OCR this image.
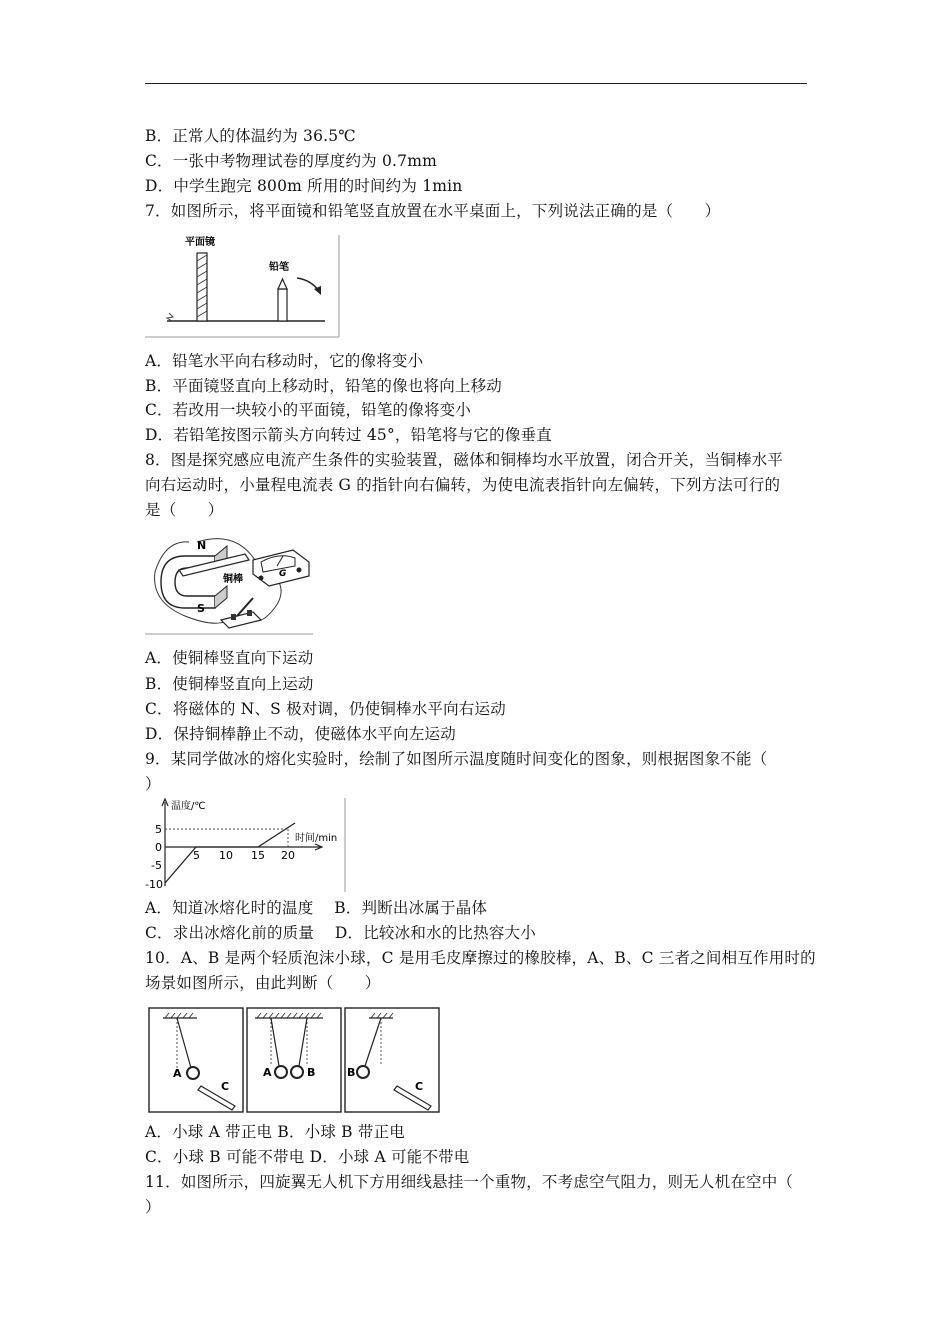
B．正常人的体温约为 36.5℃
C．一张中考物理试卷的厚度约为 0.7mm
D．中学生跑完 800m 所用的时间约为 1min
7．如图所示，将平面镜和铅笔竖直放置在水平桌面上，下列说法正确的是（　　）
平面镜
铅笔
A．铅笔水平向右移动时，它的像将变小
B．平面镜竖直向上移动时，铅笔的像也将向上移动
C．若改用一块较小的平面镜，铅笔的像将变小
D．若铅笔按图示箭头方向转过 45°，铅笔将与它的像垂直
8．图是探究感应电流产生条件的实验装置，磁体和铜棒均水平放置，闭合开关，当铜棒水平
向右运动时，小量程电流表 G 的指针向右偏转，为使电流表指针向左偏转，下列方法可行的
是（　　）
N
S
铜棒	G
A．使铜棒竖直向下运动
B．使铜棒竖直向上运动
C．将磁体的 N、S 极对调，仍使铜棒水平向右运动
D．保持铜棒静止不动，使磁体水平向左运动
9．某同学做冰的熔化实验时，绘制了如图所示温度随时间变化的图象，则根据图象不能（
）
温度/℃
时间/min
5
0
-5
-10
5 10 15 20
A．知道冰熔化时的温度　 B．判断出冰属于晶体
C．求出冰熔化前的质量　 D．比较冰和水的比热容大小
10．A、B 是两个轻质泡沫小球，C 是用毛皮摩擦过的橡胶棒，A、B、C 三者之间相互作用时的
场景如图所示，由此判断（　　）
A
C
A	B	B
C
A．小球 A 带正电 B．小球 B 带正电
C．小球 B 可能不带电 D．小球 A 可能不带电
11．如图所示，四旋翼无人机下方用细线悬挂一个重物，不考虑空气阻力，则无人机在空中（
）
